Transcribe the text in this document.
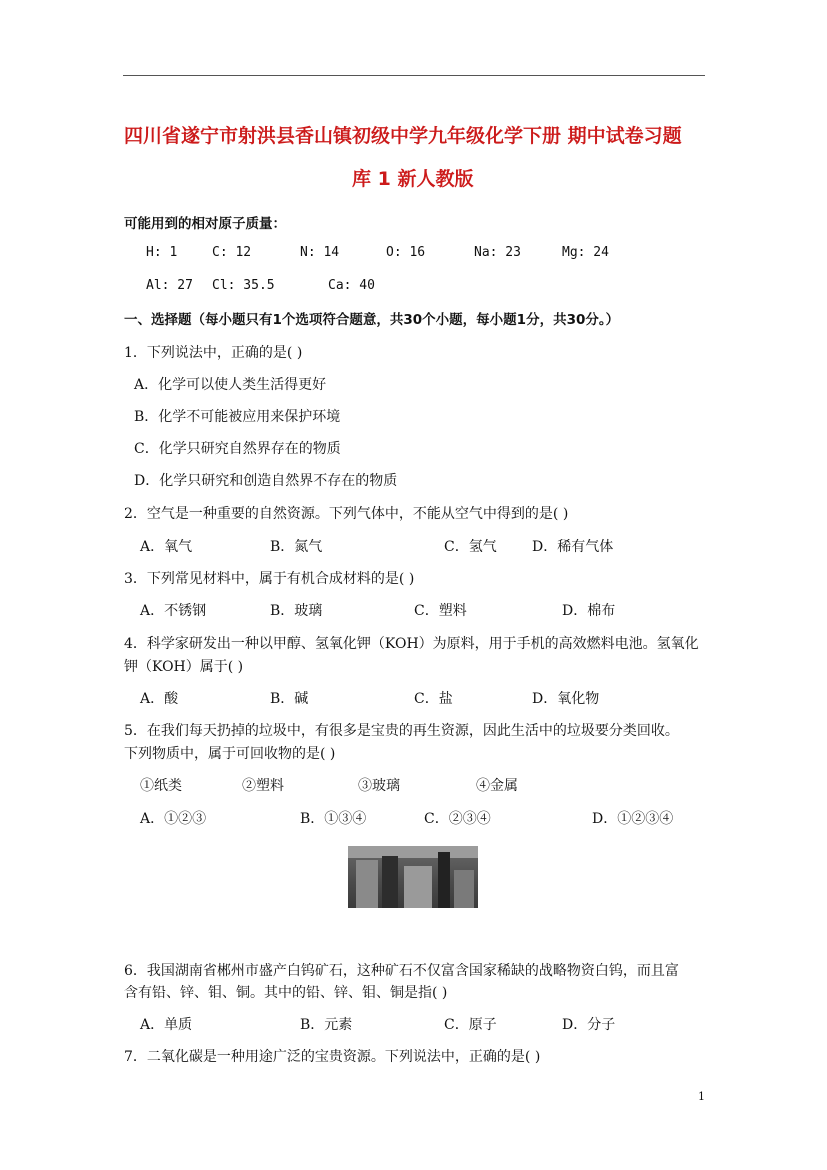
四川省遂宁市射洪县香山镇初级中学九年级化学下册 期中试卷习题
库 1 新人教版
可能用到的相对原子质量：
H: 1	C: 12	N: 14	O: 16	Na: 23	Mg: 24
Al: 27 Cl: 35.5	Ca: 40
一、选择题（每小题只有1个选项符合题意，共30个小题，每小题1分，共30分。）
1．下列说法中，正确的是( )
A．化学可以使人类生活得更好
B．化学不可能被应用来保护环境
C．化学只研究自然界存在的物质
D．化学只研究和创造自然界不存在的物质
2．空气是一种重要的自然资源。下列气体中，不能从空气中得到的是( )
A．氧气	B．氮气	C．氢气	D．稀有气体
3．下列常见材料中，属于有机合成材料的是( )
A．不锈钢	B．玻璃	C．塑料	D．棉布
4．科学家研发出一种以甲醇、氢氧化钾（KOH）为原料，用于手机的高效燃料电池。氢氧化
钾（KOH）属于( )
A．酸	B．碱	C．盐	D．氧化物
5．在我们每天扔掉的垃圾中，有很多是宝贵的再生资源，因此生活中的垃圾要分类回收。
下列物质中，属于可回收物的是( )
①纸类	②塑料	③玻璃	④金属
A．①②③	B．①③④	C．②③④	D．①②③④
6．我国湖南省郴州市盛产白钨矿石，这种矿石不仅富含国家稀缺的战略物资白钨，而且富
含有铅、锌、钼、铜。其中的铅、锌、钼、铜是指( )
A．单质	B．元素	C．原子	D．分子
7．二氧化碳是一种用途广泛的宝贵资源。下列说法中，正确的是( )
1
